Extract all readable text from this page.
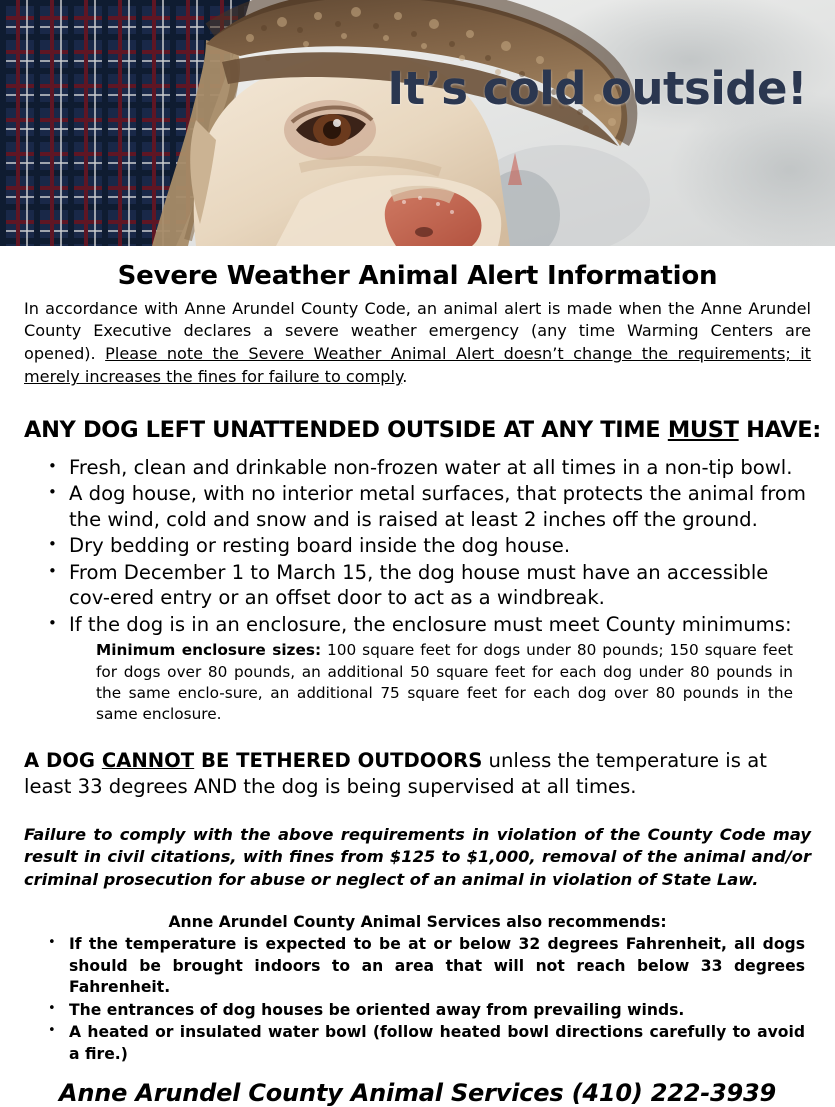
It’s cold outside!
Severe Weather Animal Alert Information

In accordance with Anne Arundel County Code, an animal alert is made when the Anne Arundel County Executive declares a severe weather emergency (any time Warming Centers are opened). Please note the Severe Weather Animal Alert doesn’t change the requirements; it merely increases the fines for failure to comply.

ANY DOG LEFT UNATTENDED OUTSIDE AT ANY TIME MUST HAVE:
• Fresh, clean and drinkable non-frozen water at all times in a non-tip bowl.
• A dog house, with no interior metal surfaces, that protects the animal from the wind, cold and snow and is raised at least 2 inches off the ground.
• Dry bedding or resting board inside the dog house.
• From December 1 to March 15, the dog house must have an accessible cov-ered entry or an offset door to act as a windbreak.
• If the dog is in an enclosure, the enclosure must meet County minimums:

Minimum enclosure sizes: 100 square feet for dogs under 80 pounds; 150 square feet for dogs over 80 pounds, an additional 50 square feet for each dog under 80 pounds in the same enclo-sure, an additional 75 square feet for each dog over 80 pounds in the same enclosure.

A DOG CANNOT BE TETHERED OUTDOORS unless the temperature is at least 33 degrees AND the dog is being supervised at all times.

Failure to comply with the above requirements in violation of the County Code may result in civil citations, with fines from $125 to $1,000, removal of the animal and/or criminal prosecution for abuse or neglect of an animal in violation of State Law.

Anne Arundel County Animal Services also recommends:

• If the temperature is expected to be at or below 32 degrees Fahrenheit, all dogs should be brought indoors to an area that will not reach below 33 degrees Fahrenheit.
• The entrances of dog houses be oriented away from prevailing winds.
• A heated or insulated water bowl (follow heated bowl directions carefully to avoid a fire.)

Anne Arundel County Animal Services (410) 222-3939
